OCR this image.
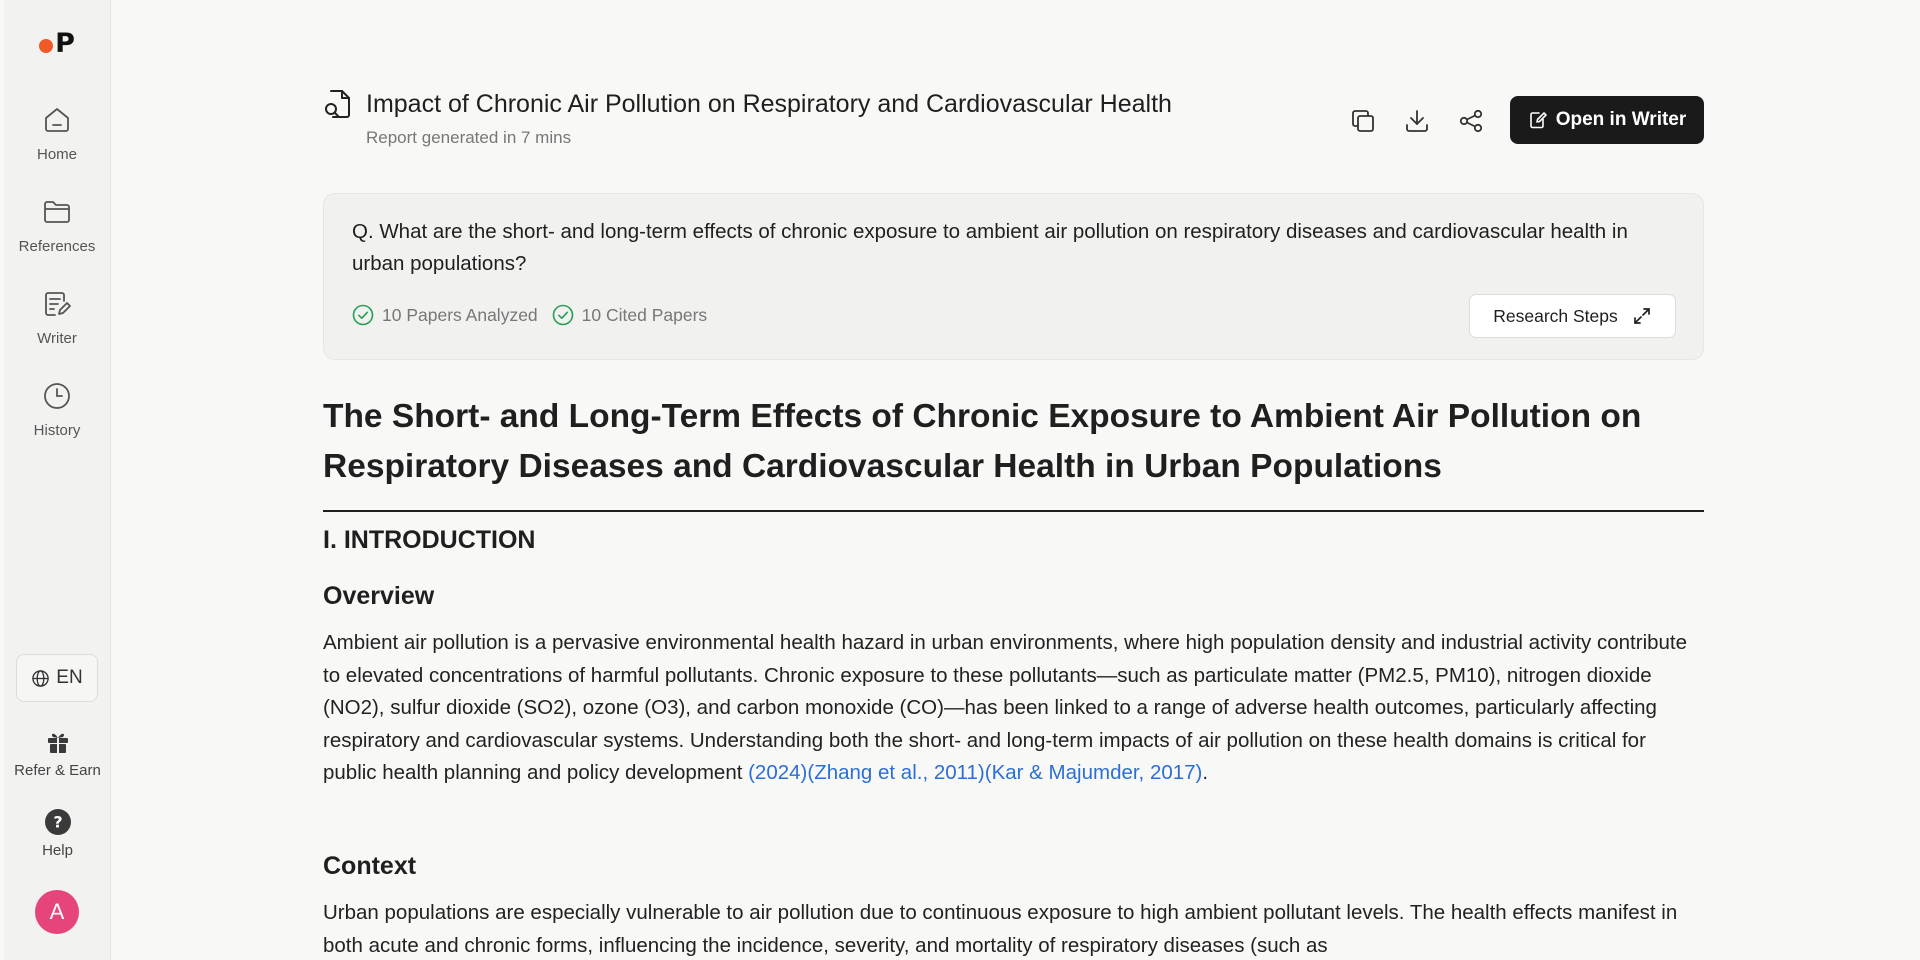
P
Home
References
Writer
History
EN
Refer & Earn
?
Help
A
Impact of Chronic Air Pollution on Respiratory and Cardiovascular Health
Report generated in 7 mins
Open in Writer
Q. What are the short- and long-term effects of chronic exposure to ambient air pollution on respiratory diseases and cardiovascular health in urban populations?
10 Papers Analyzed	10 Cited Papers	Research Steps
The Short- and Long-Term Effects of Chronic Exposure to Ambient Air Pollution on Respiratory Diseases and Cardiovascular Health in Urban Populations
I. INTRODUCTION
Overview

Ambient air pollution is a pervasive environmental health hazard in urban environments, where high population density and industrial activity contribute to elevated concentrations of harmful pollutants. Chronic exposure to these pollutants—such as particulate matter (PM2.5, PM10), nitrogen dioxide (NO2), sulfur dioxide (SO2), ozone (O3), and carbon monoxide (CO)—has been linked to a range of adverse health outcomes, particularly affecting respiratory and cardiovascular systems. Understanding both the short- and long-term impacts of air pollution on these health domains is critical for public health planning and policy development (2024)(Zhang et al., 2011)(Kar & Majumder, 2017).

Context

Urban populations are especially vulnerable to air pollution due to continuous exposure to high ambient pollutant levels. The health effects manifest in both acute and chronic forms, influencing the incidence, severity, and mortality of respiratory diseases (such as
